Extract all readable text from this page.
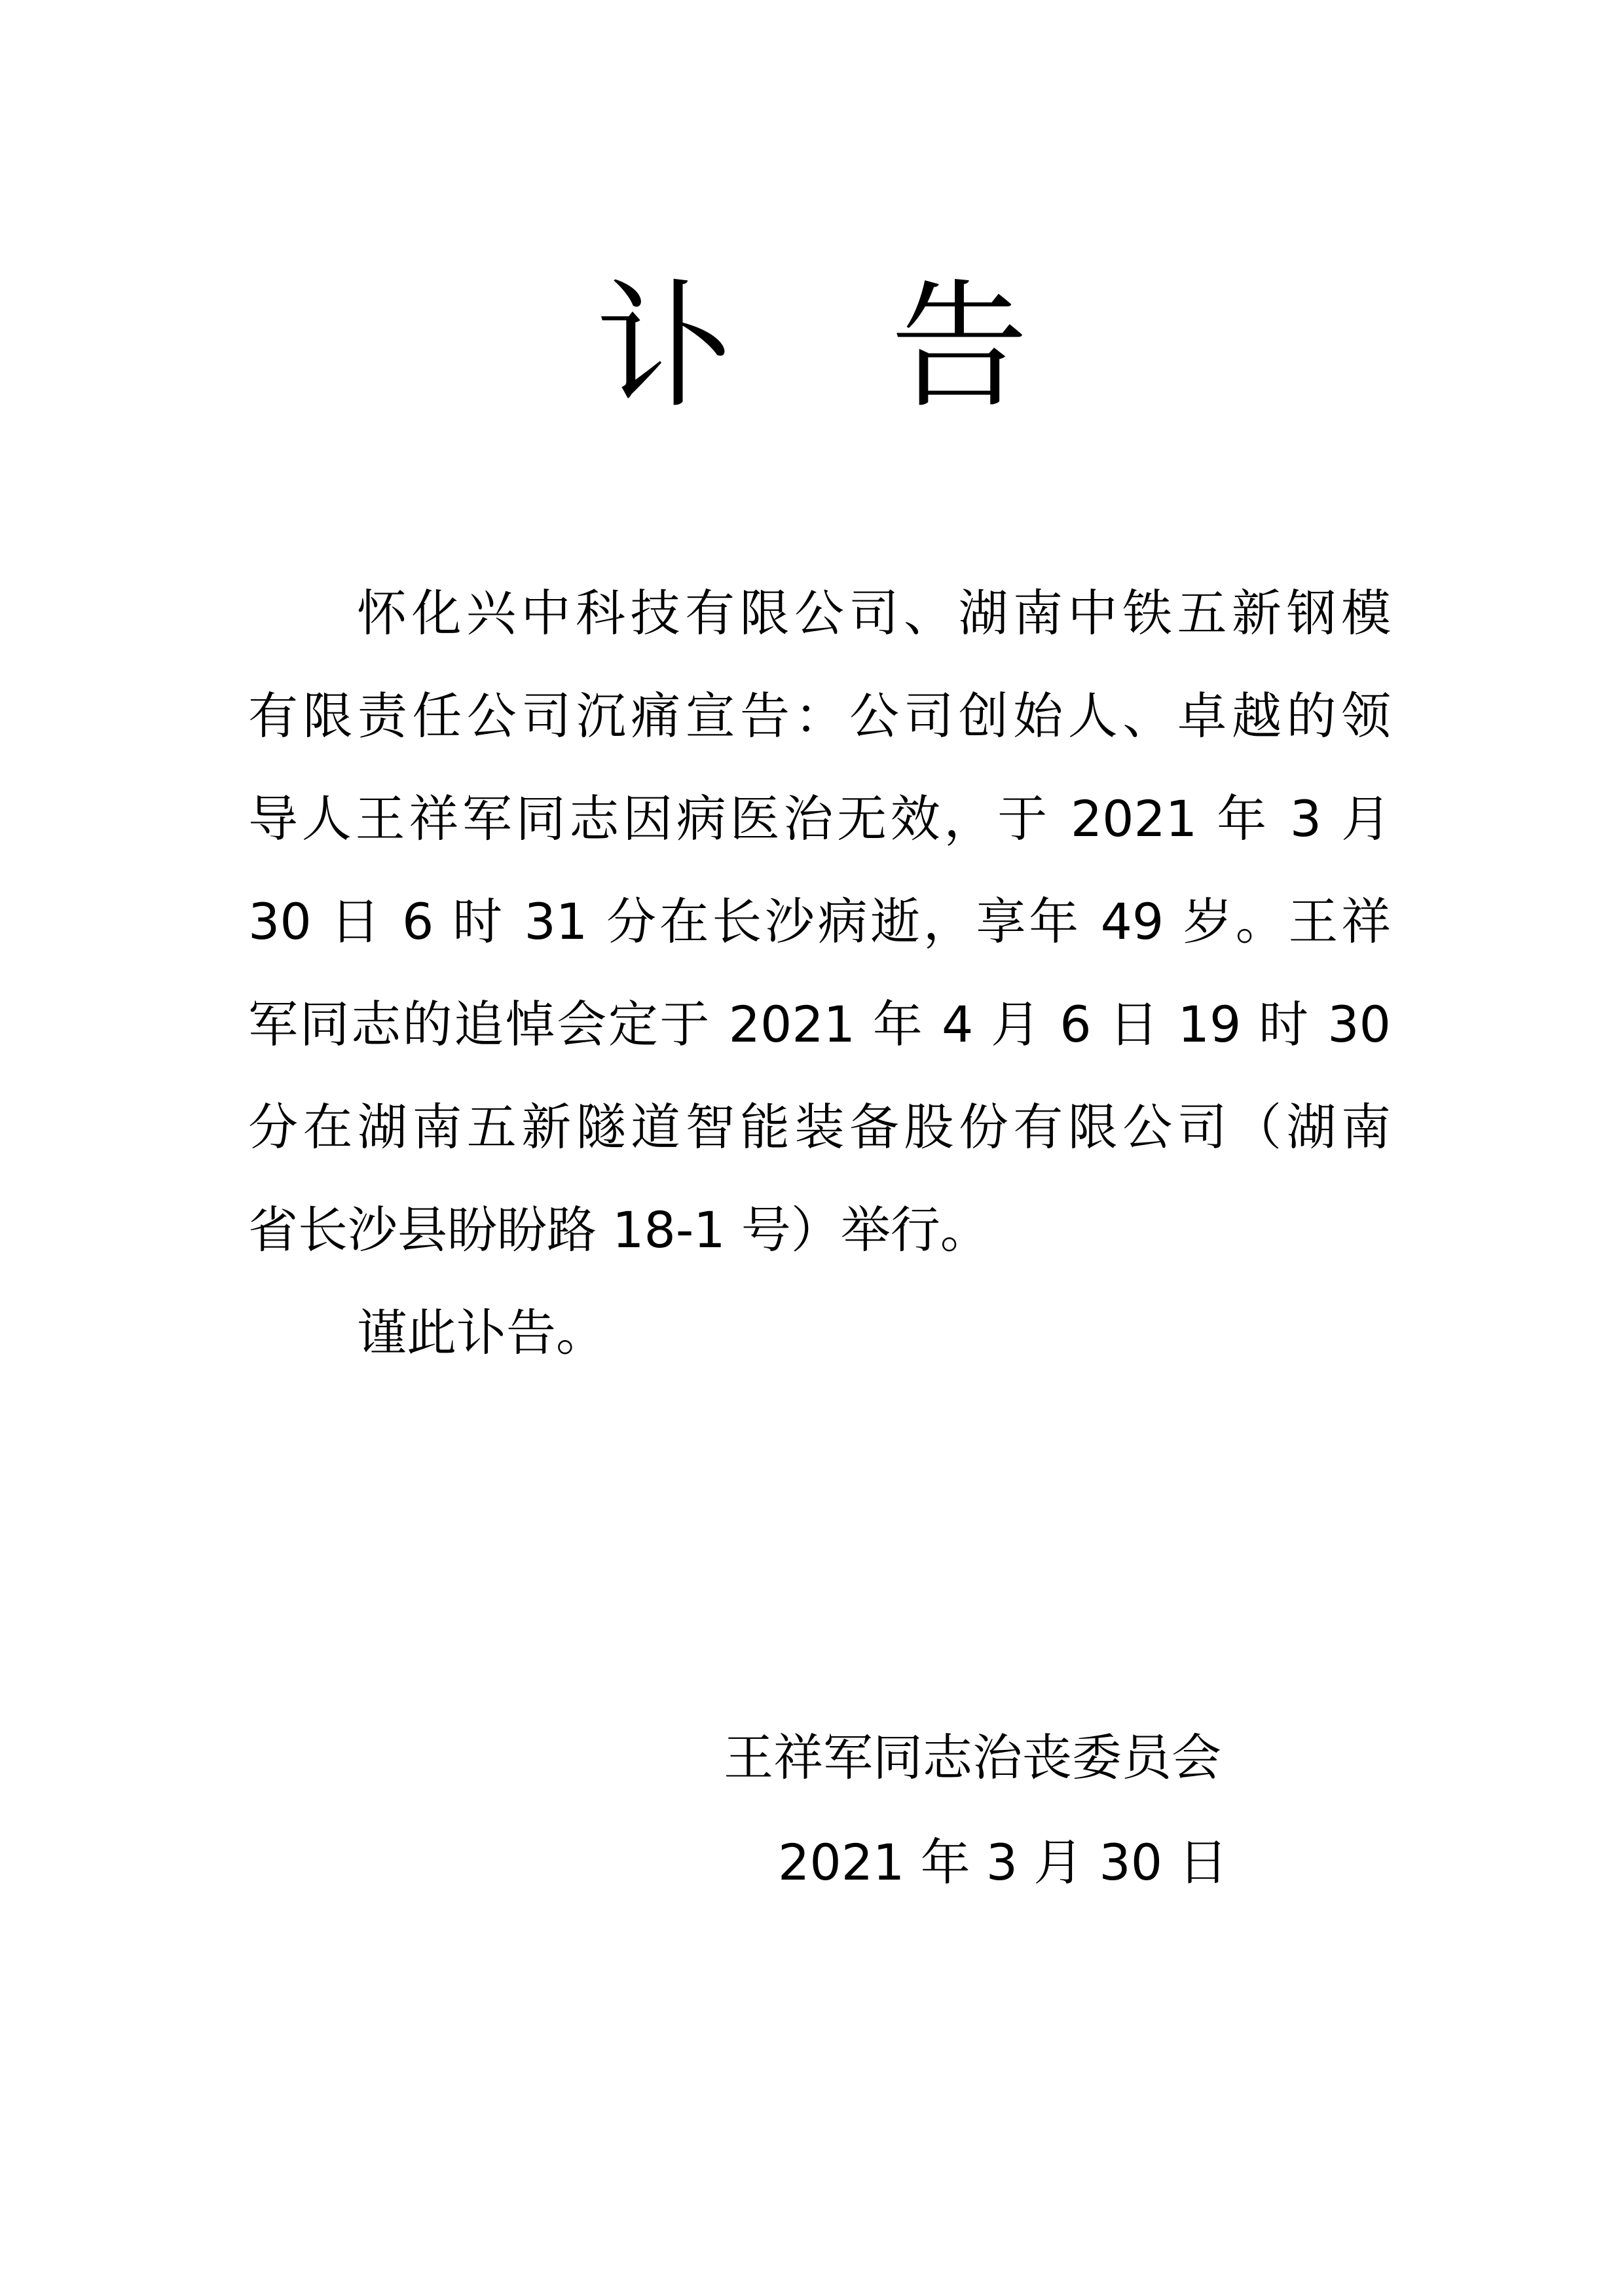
讣 告
怀化兴中科技有限公司、湖南中铁五新钢模
有限责任公司沉痛宣告：公司创始人、卓越的领
导人王祥军同志因病医治无效，于 2021 年 3 月
30 日 6 时 31 分在长沙病逝，享年 49 岁。王祥
军同志的追悼会定于 2021 年 4 月 6 日 19 时 30
分在湖南五新隧道智能装备股份有限公司（湖南
省长沙县盼盼路 18-1 号）举行。
谨此讣告。
王祥军同志治丧委员会
2021 年 3 月 30 日
